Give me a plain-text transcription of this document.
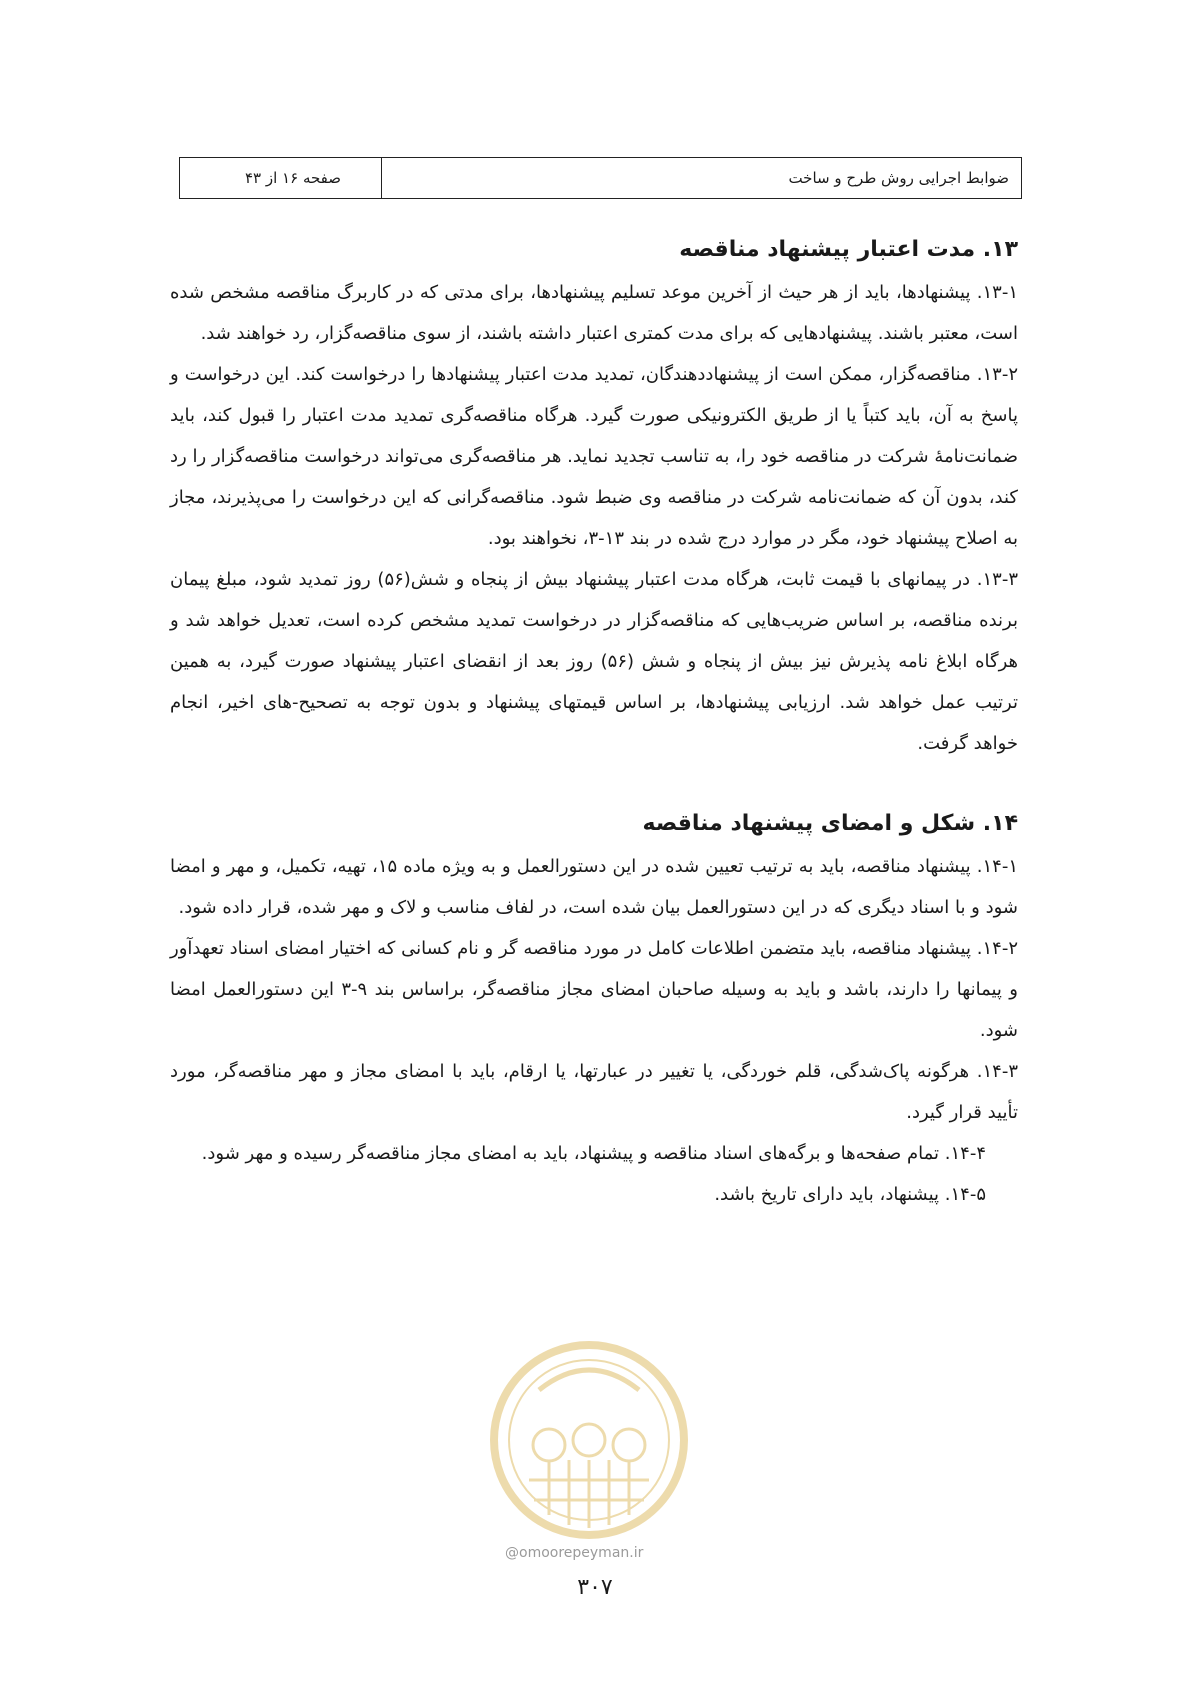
ضوابط اجرایی روش طرح و ساخت
صفحه ۱۶ از ۴۳
۱۳. مدت اعتبار پیشنهاد مناقصه

۱۳-۱. پیشنهادها، باید از هر حیث از آخرین موعد تسلیم پیشنهادها، برای مدتی که در کاربرگ مناقصه مشخص شده است، معتبر باشند. پیشنهادهایی که برای مدت کمتری اعتبار داشته باشند، از سوی مناقصه‌گزار، رد خواهند شد.

۱۳-۲. مناقصه‌گزار، ممکن است از پیشنهاددهندگان، تمدید مدت اعتبار پیشنهادها را درخواست کند. این درخواست و پاسخ به آن، باید کتباً یا از طریق الکترونیکی صورت گیرد. هرگاه مناقصه‌گری تمدید مدت اعتبار را قبول کند، باید ضمانت‌نامهٔ شرکت در مناقصه خود را، به تناسب تجدید نماید. هر مناقصه‌گری می‌تواند درخواست مناقصه‌گزار را رد کند، بدون آن که ضمانت‌نامه شرکت در مناقصه وی ضبط شود. مناقصه‌گرانی که این درخواست را می‌پذیرند، مجاز به اصلاح پیشنهاد خود، مگر در موارد درج شده در بند ۱۳-۳، نخواهند بود.

۱۳-۳. در پیمانهای با قیمت ثابت، هرگاه مدت اعتبار پیشنهاد بیش از پنجاه و شش(۵۶) روز تمدید شود، مبلغ پیمان برنده مناقصه، بر اساس ضریب‌هایی که مناقصه‌گزار در درخواست تمدید مشخص کرده است، تعدیل خواهد شد و هرگاه ابلاغ نامه پذیرش نیز بیش از پنجاه و شش (۵۶) روز بعد از انقضای اعتبار پیشنهاد صورت گیرد، به همین ترتیب عمل خواهد شد. ارزیابی پیشنهادها، بر اساس قیمتهای پیشنهاد و بدون توجه به تصحیح-های اخیر، انجام خواهد گرفت.

۱۴. شکل و امضای پیشنهاد مناقصه

۱۴-۱. پیشنهاد مناقصه، باید به ترتیب تعیین شده در این دستورالعمل و به ویژه ماده ۱۵، تهیه، تکمیل، و مهر و امضا شود و با اسناد دیگری که در این دستورالعمل بیان شده است، در لفاف مناسب و لاک و مهر شده، قرار داده شود.

۱۴-۲. پیشنهاد مناقصه، باید متضمن اطلاعات کامل در مورد مناقصه گر و نام کسانی که اختیار امضای اسناد تعهدآور و پیمانها را دارند، باشد و باید به وسیله صاحبان امضای مجاز مناقصه‌گر، براساس بند ۹-۳ این دستورالعمل امضا شود.

۱۴-۳. هرگونه پاک‌شدگی، قلم خوردگی، یا تغییر در عبارتها، یا ارقام، باید با امضای مجاز و مهر مناقصه‌گر، مورد تأیید قرار گیرد.

۱۴-۴. تمام صفحه‌ها و برگه‌های اسناد مناقصه و پیشنهاد، باید به امضای مجاز مناقصه‌گر رسیده و مهر شود.

۱۴-۵. پیشنهاد، باید دارای تاریخ باشد.

@omoorepeyman.ir
۳۰۷
